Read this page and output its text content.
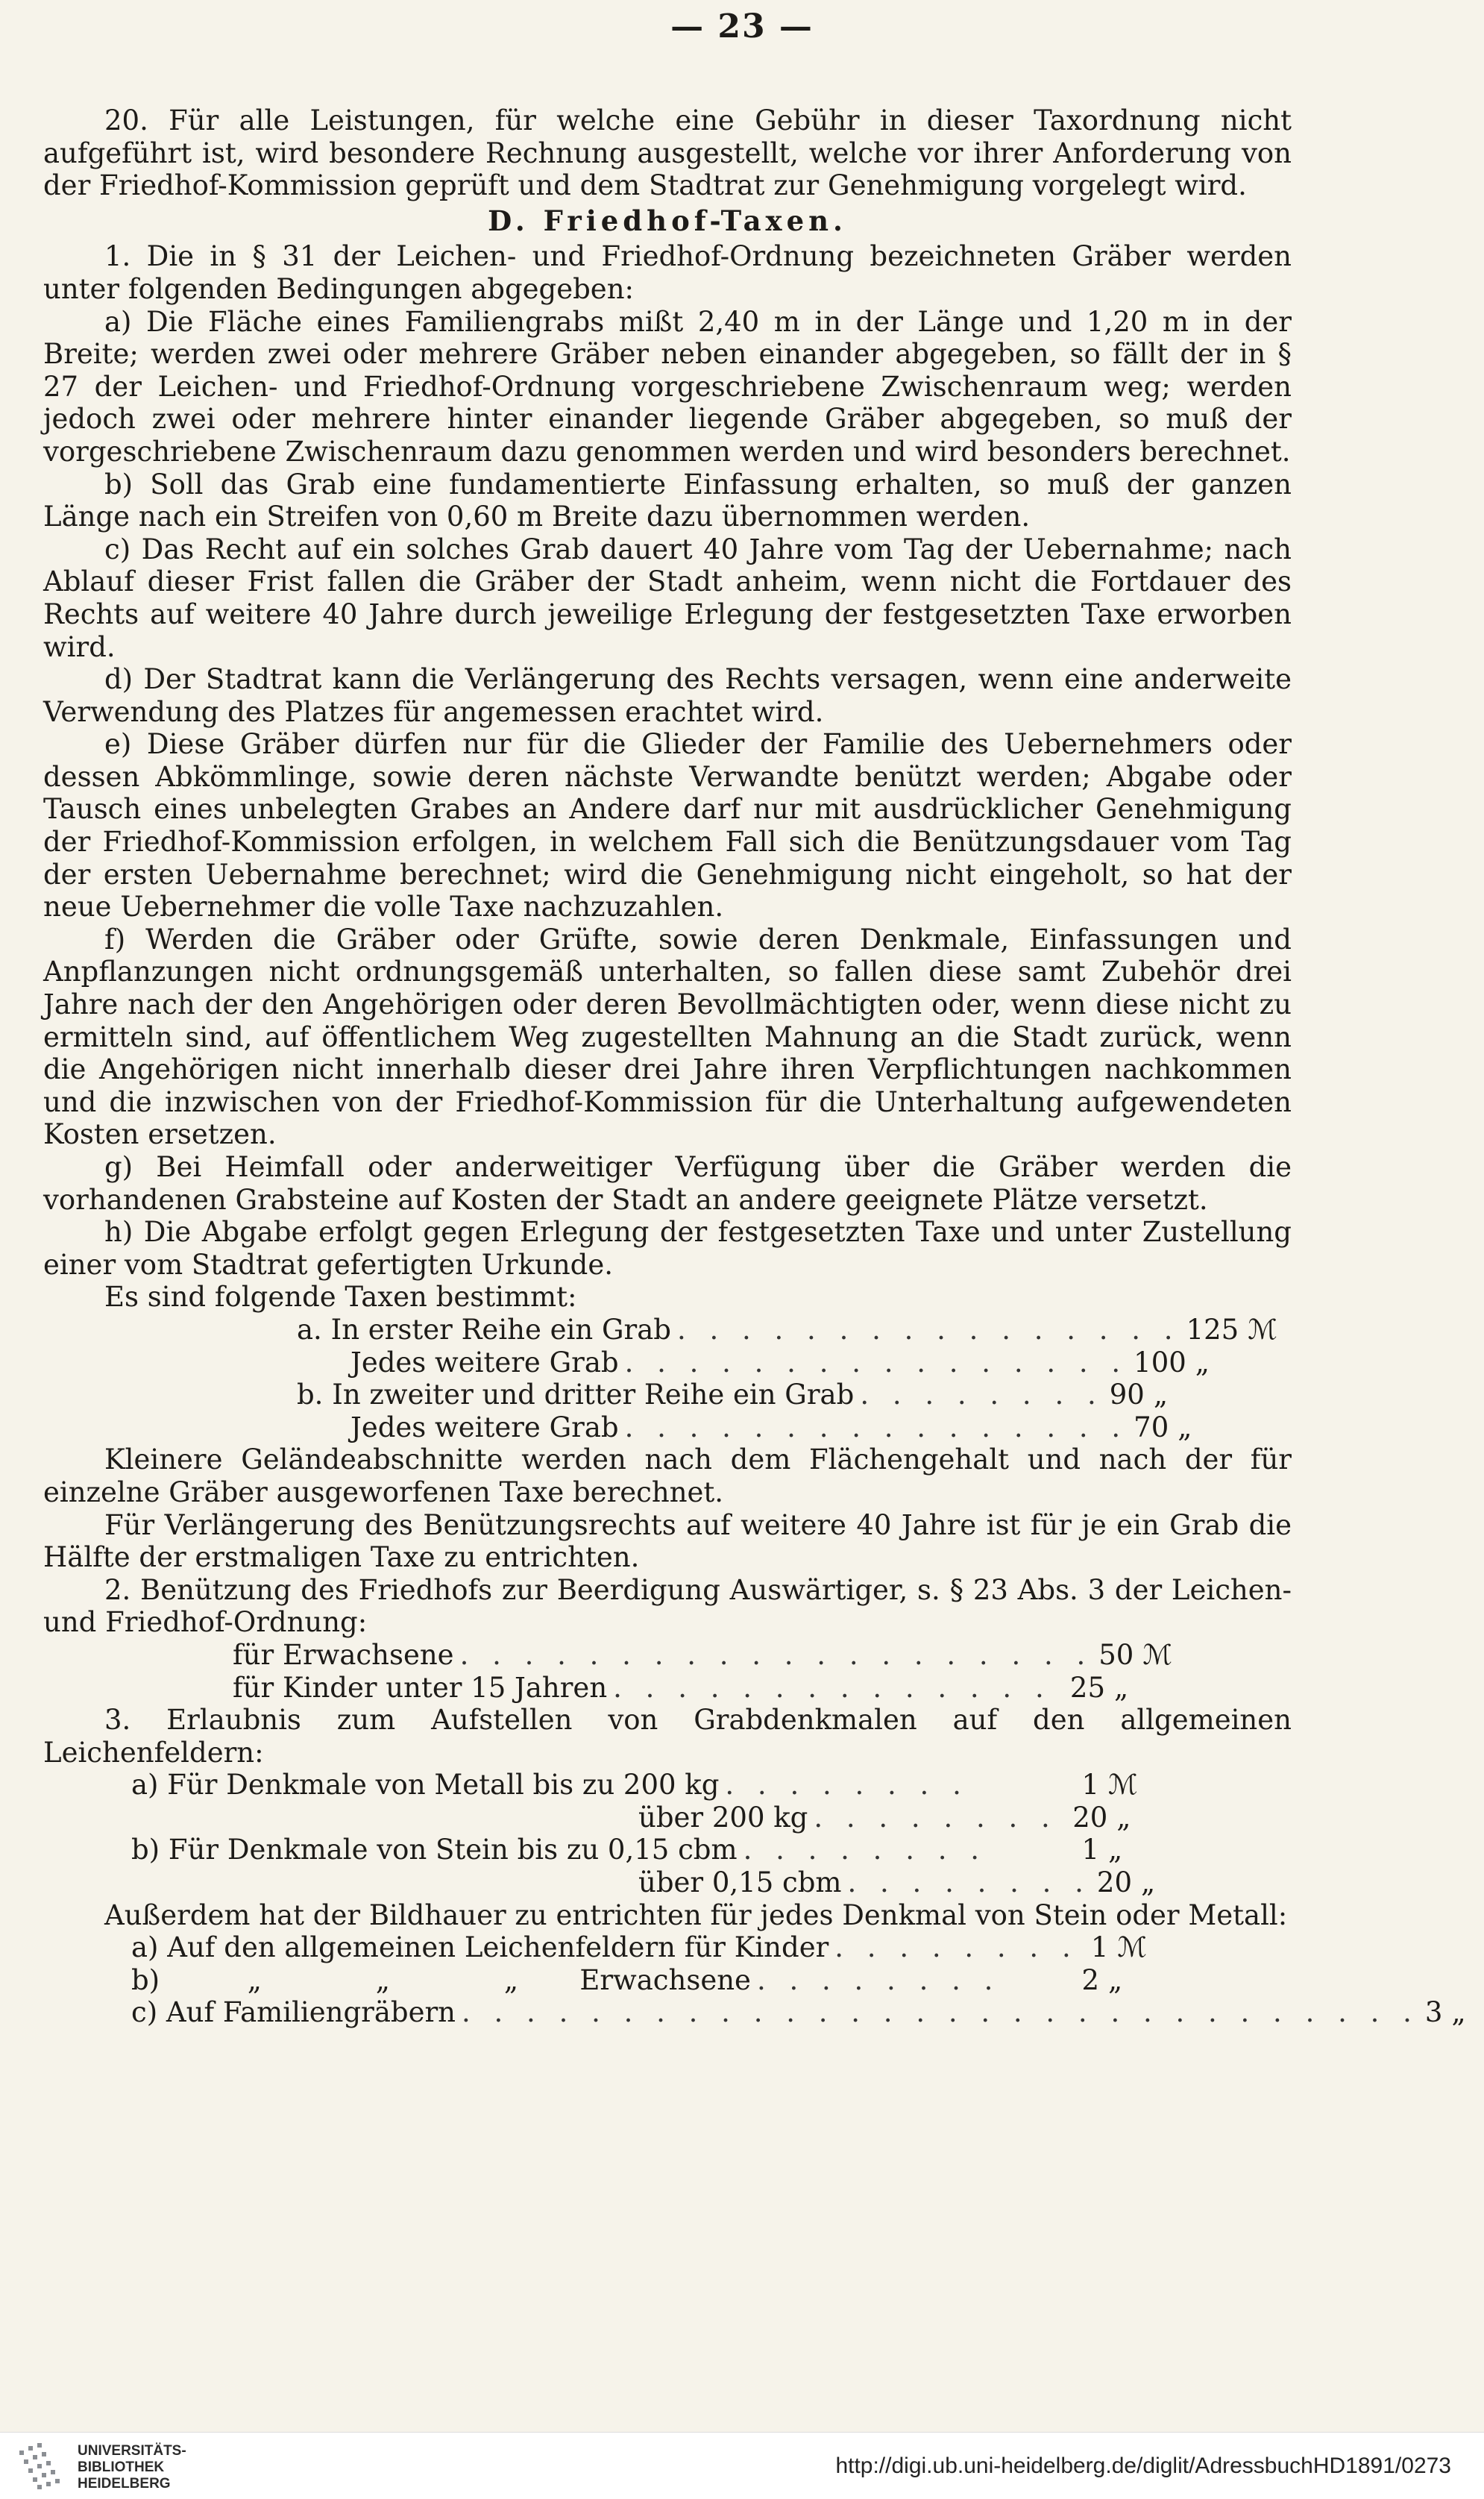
— 23 —

20. Für alle Leistungen, für welche eine Gebühr in dieser Taxordnung nicht aufgeführt ist, wird besondere Rechnung ausgestellt, welche vor ihrer Anforderung von der Friedhof-Kommission geprüft und dem Stadtrat zur Genehmigung vorgelegt wird.

D. Friedhof-Taxen.

1. Die in § 31 der Leichen- und Friedhof-Ordnung bezeichneten Gräber werden unter folgenden Bedingungen abgegeben:

a) Die Fläche eines Familiengrabs mißt 2,40 m in der Länge und 1,20 m in der Breite; werden zwei oder mehrere Gräber neben einander abgegeben, so fällt der in § 27 der Leichen- und Friedhof-Ordnung vorgeschriebene Zwischenraum weg; werden jedoch zwei oder mehrere hinter einander liegende Gräber abgegeben, so muß der vorgeschriebene Zwischenraum dazu genommen werden und wird besonders berechnet.

b) Soll das Grab eine fundamentierte Einfassung erhalten, so muß der ganzen Länge nach ein Streifen von 0,60 m Breite dazu übernommen werden.

c) Das Recht auf ein solches Grab dauert 40 Jahre vom Tag der Uebernahme; nach Ablauf dieser Frist fallen die Gräber der Stadt anheim, wenn nicht die Fortdauer des Rechts auf weitere 40 Jahre durch jeweilige Erlegung der festgesetzten Taxe erworben wird.

d) Der Stadtrat kann die Verlängerung des Rechts versagen, wenn eine anderweite Verwendung des Platzes für angemessen erachtet wird.

e) Diese Gräber dürfen nur für die Glieder der Familie des Uebernehmers oder dessen Abkömmlinge, sowie deren nächste Verwandte benützt werden; Abgabe oder Tausch eines unbelegten Grabes an Andere darf nur mit ausdrücklicher Genehmigung der Friedhof-Kommission erfolgen, in welchem Fall sich die Benützungsdauer vom Tag der ersten Uebernahme berechnet; wird die Genehmigung nicht eingeholt, so hat der neue Uebernehmer die volle Taxe nachzuzahlen.

f) Werden die Gräber oder Grüfte, sowie deren Denkmale, Einfassungen und Anpflanzungen nicht ordnungsgemäß unterhalten, so fallen diese samt Zubehör drei Jahre nach der den Angehörigen oder deren Bevollmächtigten oder, wenn diese nicht zu ermitteln sind, auf öffentlichem Weg zugestellten Mahnung an die Stadt zurück, wenn die Angehörigen nicht innerhalb dieser drei Jahre ihren Verpflichtungen nachkommen und die inzwischen von der Friedhof-Kommission für die Unterhaltung aufgewendeten Kosten ersetzen.

g) Bei Heimfall oder anderweitiger Verfügung über die Gräber werden die vorhandenen Grabsteine auf Kosten der Stadt an andere geeignete Plätze versetzt.

h) Die Abgabe erfolgt gegen Erlegung der festgesetzten Taxe und unter Zustellung einer vom Stadtrat gefertigten Urkunde.

Es sind folgende Taxen bestimmt:

a. In erster Reihe ein Grab . . . . . . . . . . . . . . . . 125 ℳ
Jedes weitere Grab . . . . . . . . . . . . . . . . 100 „
b. In zweiter und dritter Reihe ein Grab . . . . . . . . 90 „
Jedes weitere Grab . . . . . . . . . . . . . . . . 70 „

Kleinere Geländeabschnitte werden nach dem Flächengehalt und nach der für einzelne Gräber ausgeworfenen Taxe berechnet.

Für Verlängerung des Benützungsrechts auf weitere 40 Jahre ist für je ein Grab die Hälfte der erstmaligen Taxe zu entrichten.

2. Benützung des Friedhofs zur Beerdigung Auswärtiger, s. § 23 Abs. 3 der Leichen- und Friedhof-Ordnung:

für Erwachsene . . . . . . . . . . . . . . . . . . . . 50 ℳ
für Kinder unter 15 Jahren . . . . . . . . . . . . . . 25 „

3. Erlaubnis zum Aufstellen von Grabdenkmalen auf den allgemeinen Leichenfeldern:

a) Für Denkmale von Metall bis zu 200 kg . . . . . . . .	1 ℳ
über 200 kg . . . . . . . . 20 „
b) Für Denkmale von Stein bis zu 0,15 cbm . . . . . . . .	1 „
über 0,15 cbm . . . . . . . . 20 „

Außerdem hat der Bildhauer zu entrichten für jedes Denkmal von Stein oder Metall:

a) Auf den allgemeinen Leichenfeldern für Kinder . . . . . . . . 1 ℳ
b)          „             „             „       Erwachsene . . . . . . . .	2 „
c) Auf Familiengräbern . . . . . . . . . . . . . . . . . . . . . . . . . . . . . . 3 „
UNIVERSITÄTS-
BIBLIOTHEK
HEIDELBERG
http://digi.ub.uni-heidelberg.de/diglit/AdressbuchHD1891/0273
